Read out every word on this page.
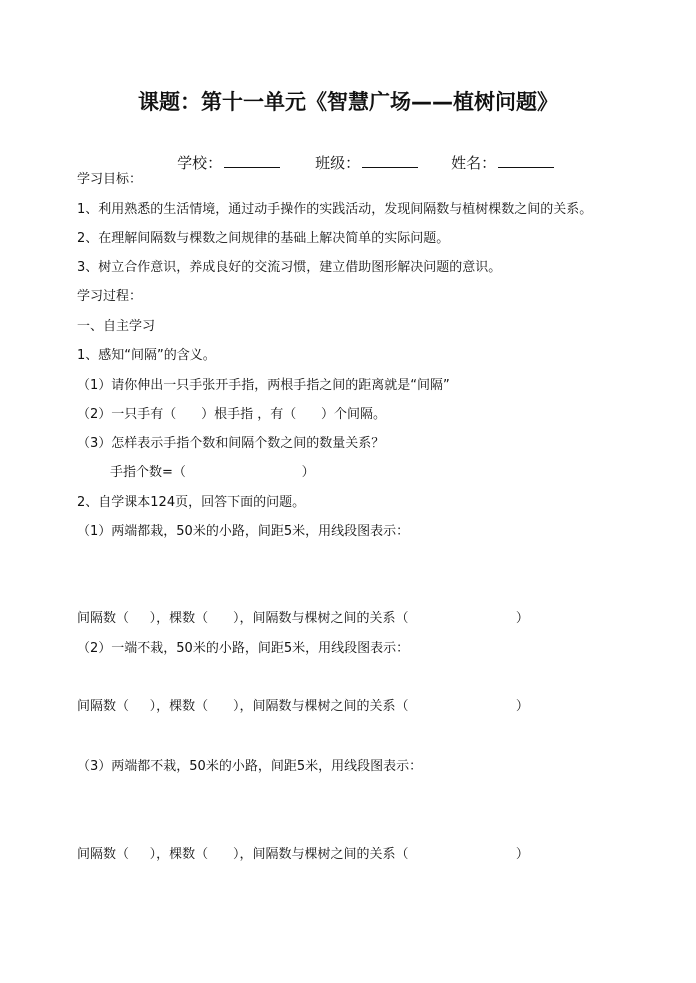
课题：第十一单元《智慧广场——植树问题》

学校：
	班级：
	姓名：

学习目标：
1、利用熟悉的生活情境，通过动手操作的实践活动，发现间隔数与植树棵数之间的关系。
2、在理解间隔数与棵数之间规律的基础上解决简单的实际问题。
3、树立合作意识，养成良好的交流习惯，建立借助图形解决问题的意识。
学习过程：
一、自主学习
1、感知“间隔”的含义。
（1）请你伸出一只手张开手指，两根手指之间的距离就是“间隔”
（2）一只手有（      ）根手指 ，有（      ）个间隔。
（3）怎样表示手指个数和间隔个数之间的数量关系？
手指个数=（                            ）
2、自学课本124页，回答下面的问题。
（1）两端都栽，50米的小路，间距5米，用线段图表示：
间隔数（     ），棵数（      ），间隔数与棵树之间的关系（                          ）
（2）一端不栽，50米的小路，间距5米，用线段图表示：
间隔数（     ），棵数（      ），间隔数与棵树之间的关系（                          ）
（3）两端都不栽，50米的小路，间距5米，用线段图表示：
间隔数（     ），棵数（      ），间隔数与棵树之间的关系（                          ）
